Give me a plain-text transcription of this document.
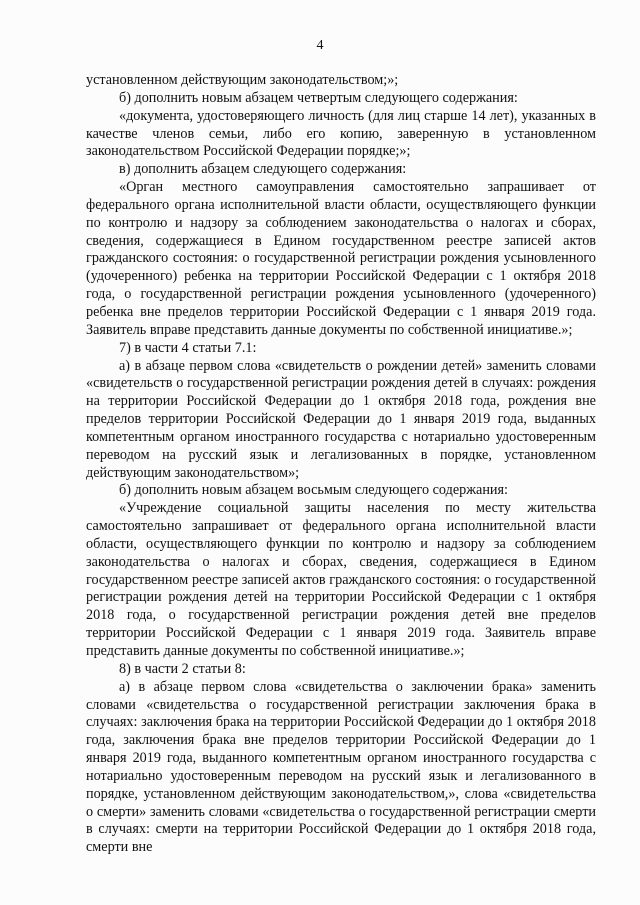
4

установленном действующим законодательством;»;

б) дополнить новым абзацем четвертым следующего содержания:

«документа, удостоверяющего личность (для лиц старше 14 лет), указанных в качестве членов семьи, либо его копию, заверенную в установленном законодательством Российской Федерации порядке;»;

в) дополнить абзацем следующего содержания:

«Орган местного самоуправления самостоятельно запрашивает от федерального органа исполнительной власти области, осуществляющего функции по контролю и надзору за соблюдением законодательства о налогах и сборах, сведения, содержащиеся в Едином государственном реестре записей актов гражданского состояния: о государственной регистрации рождения усыновленного (удочеренного) ребенка на территории Российской Федерации с 1 октября 2018 года, о государственной регистрации рождения усыновленного (удочеренного) ребенка вне пределов территории Российской Федерации с 1 января 2019 года. Заявитель вправе представить данные документы по собственной инициативе.»;

7) в части 4 статьи 7.1:

а) в абзаце первом слова «свидетельств о рождении детей» заменить словами «свидетельств о государственной регистрации рождения детей в случаях: рождения на территории Российской Федерации до 1 октября 2018 года, рождения вне пределов территории Российской Федерации до 1 января 2019 года, выданных компетентным органом иностранного государства с нотариально удостоверенным переводом на русский язык и легализованных в порядке, установленном действующим законодательством»;

б) дополнить новым абзацем восьмым следующего содержания:

«Учреждение социальной защиты населения по месту жительства самостоятельно запрашивает от федерального органа исполнительной власти области, осуществляющего функции по контролю и надзору за соблюдением законодательства о налогах и сборах, сведения, содержащиеся в Едином государственном реестре записей актов гражданского состояния: о государственной регистрации рождения детей на территории Российской Федерации с 1 октября 2018 года, о государственной регистрации рождения детей вне пределов территории Российской Федерации с 1 января 2019 года. Заявитель вправе представить данные документы по собственной инициативе.»;

8) в части 2 статьи 8:

а) в абзаце первом слова «свидетельства о заключении брака» заменить словами «свидетельства о государственной регистрации заключения брака в случаях: заключения брака на территории Российской Федерации до 1 октября 2018 года, заключения брака вне пределов территории Российской Федерации до 1 января 2019 года, выданного компетентным органом иностранного государства с нотариально удостоверенным переводом на русский язык и легализованного в порядке, установленном действующим законодательством,», слова «свидетельства о смерти» заменить словами «свидетельства о государственной регистрации смерти в случаях: смерти на территории Российской Федерации до 1 октября 2018 года, смерти вне
